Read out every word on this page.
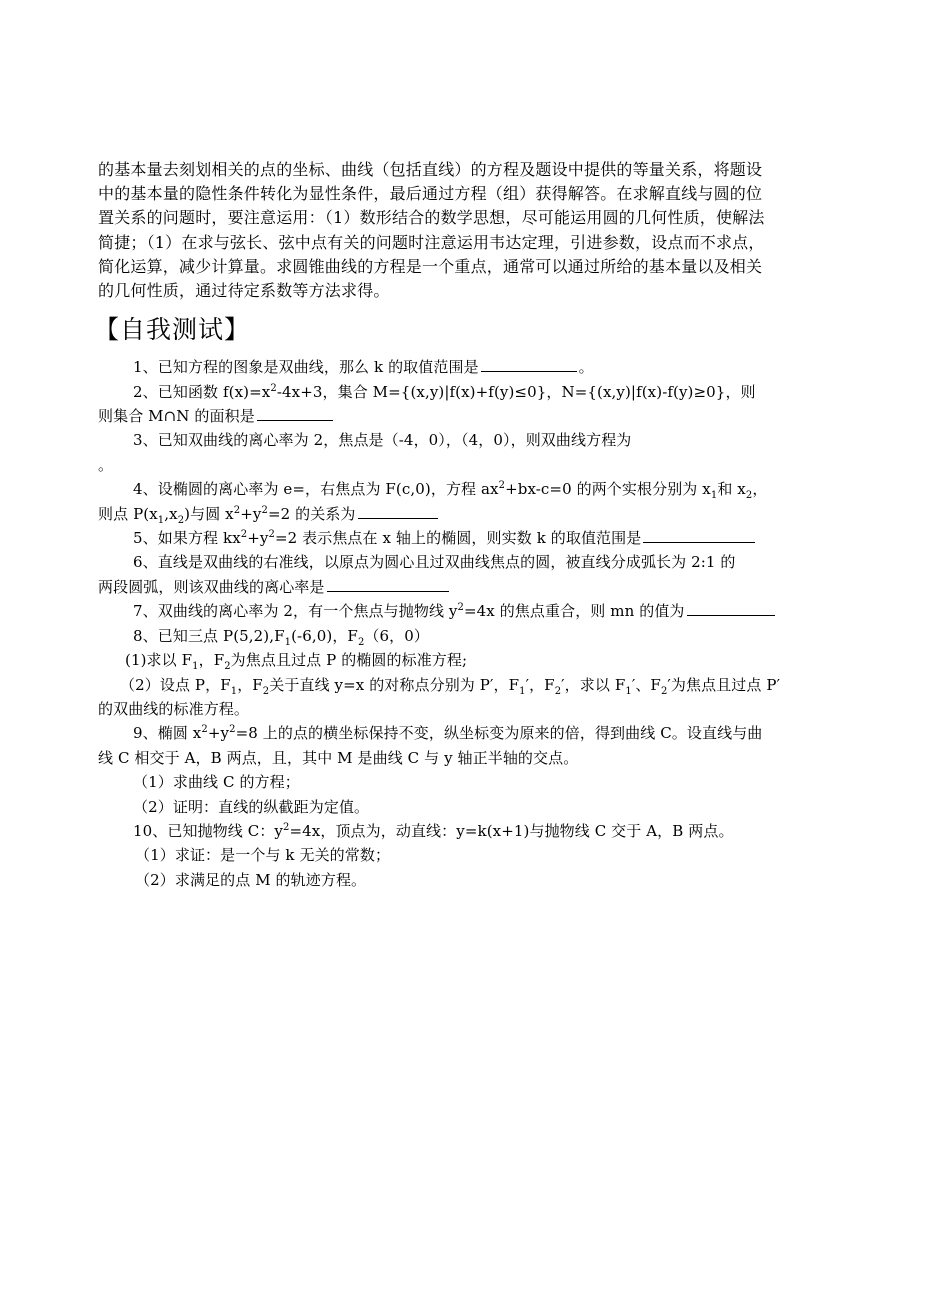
的基本量去刻划相关的点的坐标、曲线（包括直线）的方程及题设中提供的等量关系，将题设
中的基本量的隐性条件转化为显性条件，最后通过方程（组）获得解答。在求解直线与圆的位
置关系的问题时，要注意运用：（1）数形结合的数学思想，尽可能运用圆的几何性质，使解法
简捷；（1）在求与弦长、弦中点有关的问题时注意运用韦达定理，引进参数，设点而不求点，
简化运算，减少计算量。求圆锥曲线的方程是一个重点，通常可以通过所给的基本量以及相关
的几何性质，通过待定系数等方法求得。
【自我测试】
1、已知方程的图象是双曲线，那么 k 的取值范围是	。
2、已知函数 $f(x)=x^2-4x+3$，集合 M={(x,y)|f(x)+f(y)≤0}，N={(x,y)|f(x)-f(y)≥0}，则
则集合 M∩N 的面积是
3、已知双曲线的离心率为 2，焦点是（-4，0），（4，0），则双曲线方程为
。
4、设椭圆的离心率为 e=，右焦点为 F(c,0)，方程 $ax^2+bx-c=0$ 的两个实根分别为 $x_1$和 $x_2$，
则点 $P(x_1,x_2)$与圆 $x^2+y^2=2$ 的关系为
5、如果方程 $kx^2+y^2=2$ 表示焦点在 x 轴上的椭圆，则实数 k 的取值范围是
6、直线是双曲线的右准线，以原点为圆心且过双曲线焦点的圆，被直线分成弧长为 2:1 的
两段圆弧，则该双曲线的离心率是
7、双曲线的离心率为 2，有一个焦点与抛物线 $y^2=4x$ 的焦点重合，则 mn 的值为
8、已知三点 $P(5,2),F_1(-6,0)$，$F_2(6$，0）
(1)求以 $F_1$，$F_2$为焦点且过点 P 的椭圆的标准方程;
（2）设点 P，$F_1$，$F_2$关于直线 y=x 的对称点分别为 P′，$F_1'$，$F_2'$，求以 $F_1'$、$F_2'$为焦点且过点 P′
的双曲线的标准方程。
9、椭圆 $x^2+y^2=8$ 上的点的横坐标保持不变，纵坐标变为原来的倍，得到曲线 C。设直线与曲
线 C 相交于 A，B 两点，且，其中 M 是曲线 C 与 y 轴正半轴的交点。
（1）求曲线 C 的方程；
（2）证明：直线的纵截距为定值。
10、已知抛物线 C：$y^2=4x$，顶点为，动直线：y=k(x+1)与抛物线 C 交于 A，B 两点。
（1）求证：是一个与 k 无关的常数；
（2）求满足的点 M 的轨迹方程。
